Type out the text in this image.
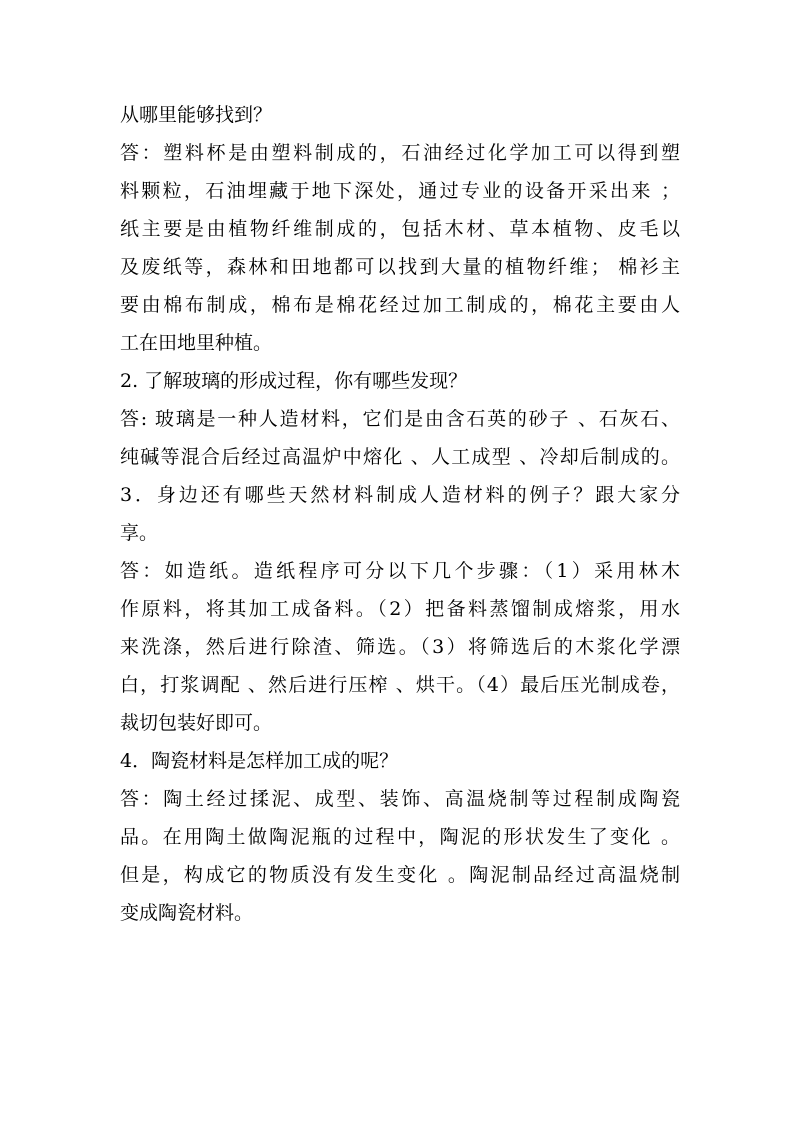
从哪里能够找到？
答：塑料杯是由塑料制成的，石油经过化学加工可以得到塑
料颗粒，石油埋藏于地下深处，通过专业的设备开采出来 ；
纸主要是由植物纤维制成的，包括木材、草本植物、皮毛以
及废纸等，森林和田地都可以找到大量的植物纤维； 棉衫主
要由棉布制成，棉布是棉花经过加工制成的，棉花主要由人
工在田地里种植。
2. 了解玻璃的形成过程，你有哪些发现？
答: 玻璃是一种人造材料，它们是由含石英的砂子 、石灰石、
纯碱等混合后经过高温炉中熔化 、人工成型 、冷却后制成的。
3．身边还有哪些天然材料制成人造材料的例子？跟大家分
享。
答：如造纸。造纸程序可分以下几个步骤：（1）采用林木
作原料，将其加工成备料。（2）把备料蒸馏制成熔浆，用水
来洗涤，然后进行除渣、筛选。（3）将筛选后的木浆化学漂
白，打浆调配 、然后进行压榨 、烘干。（4）最后压光制成卷，
裁切包装好即可。
4．陶瓷材料是怎样加工成的呢？
答：陶土经过揉泥、成型、装饰、高温烧制等过程制成陶瓷
品。在用陶土做陶泥瓶的过程中，陶泥的形状发生了变化 。
但是，构成它的物质没有发生变化 。陶泥制品经过高温烧制
变成陶瓷材料。
